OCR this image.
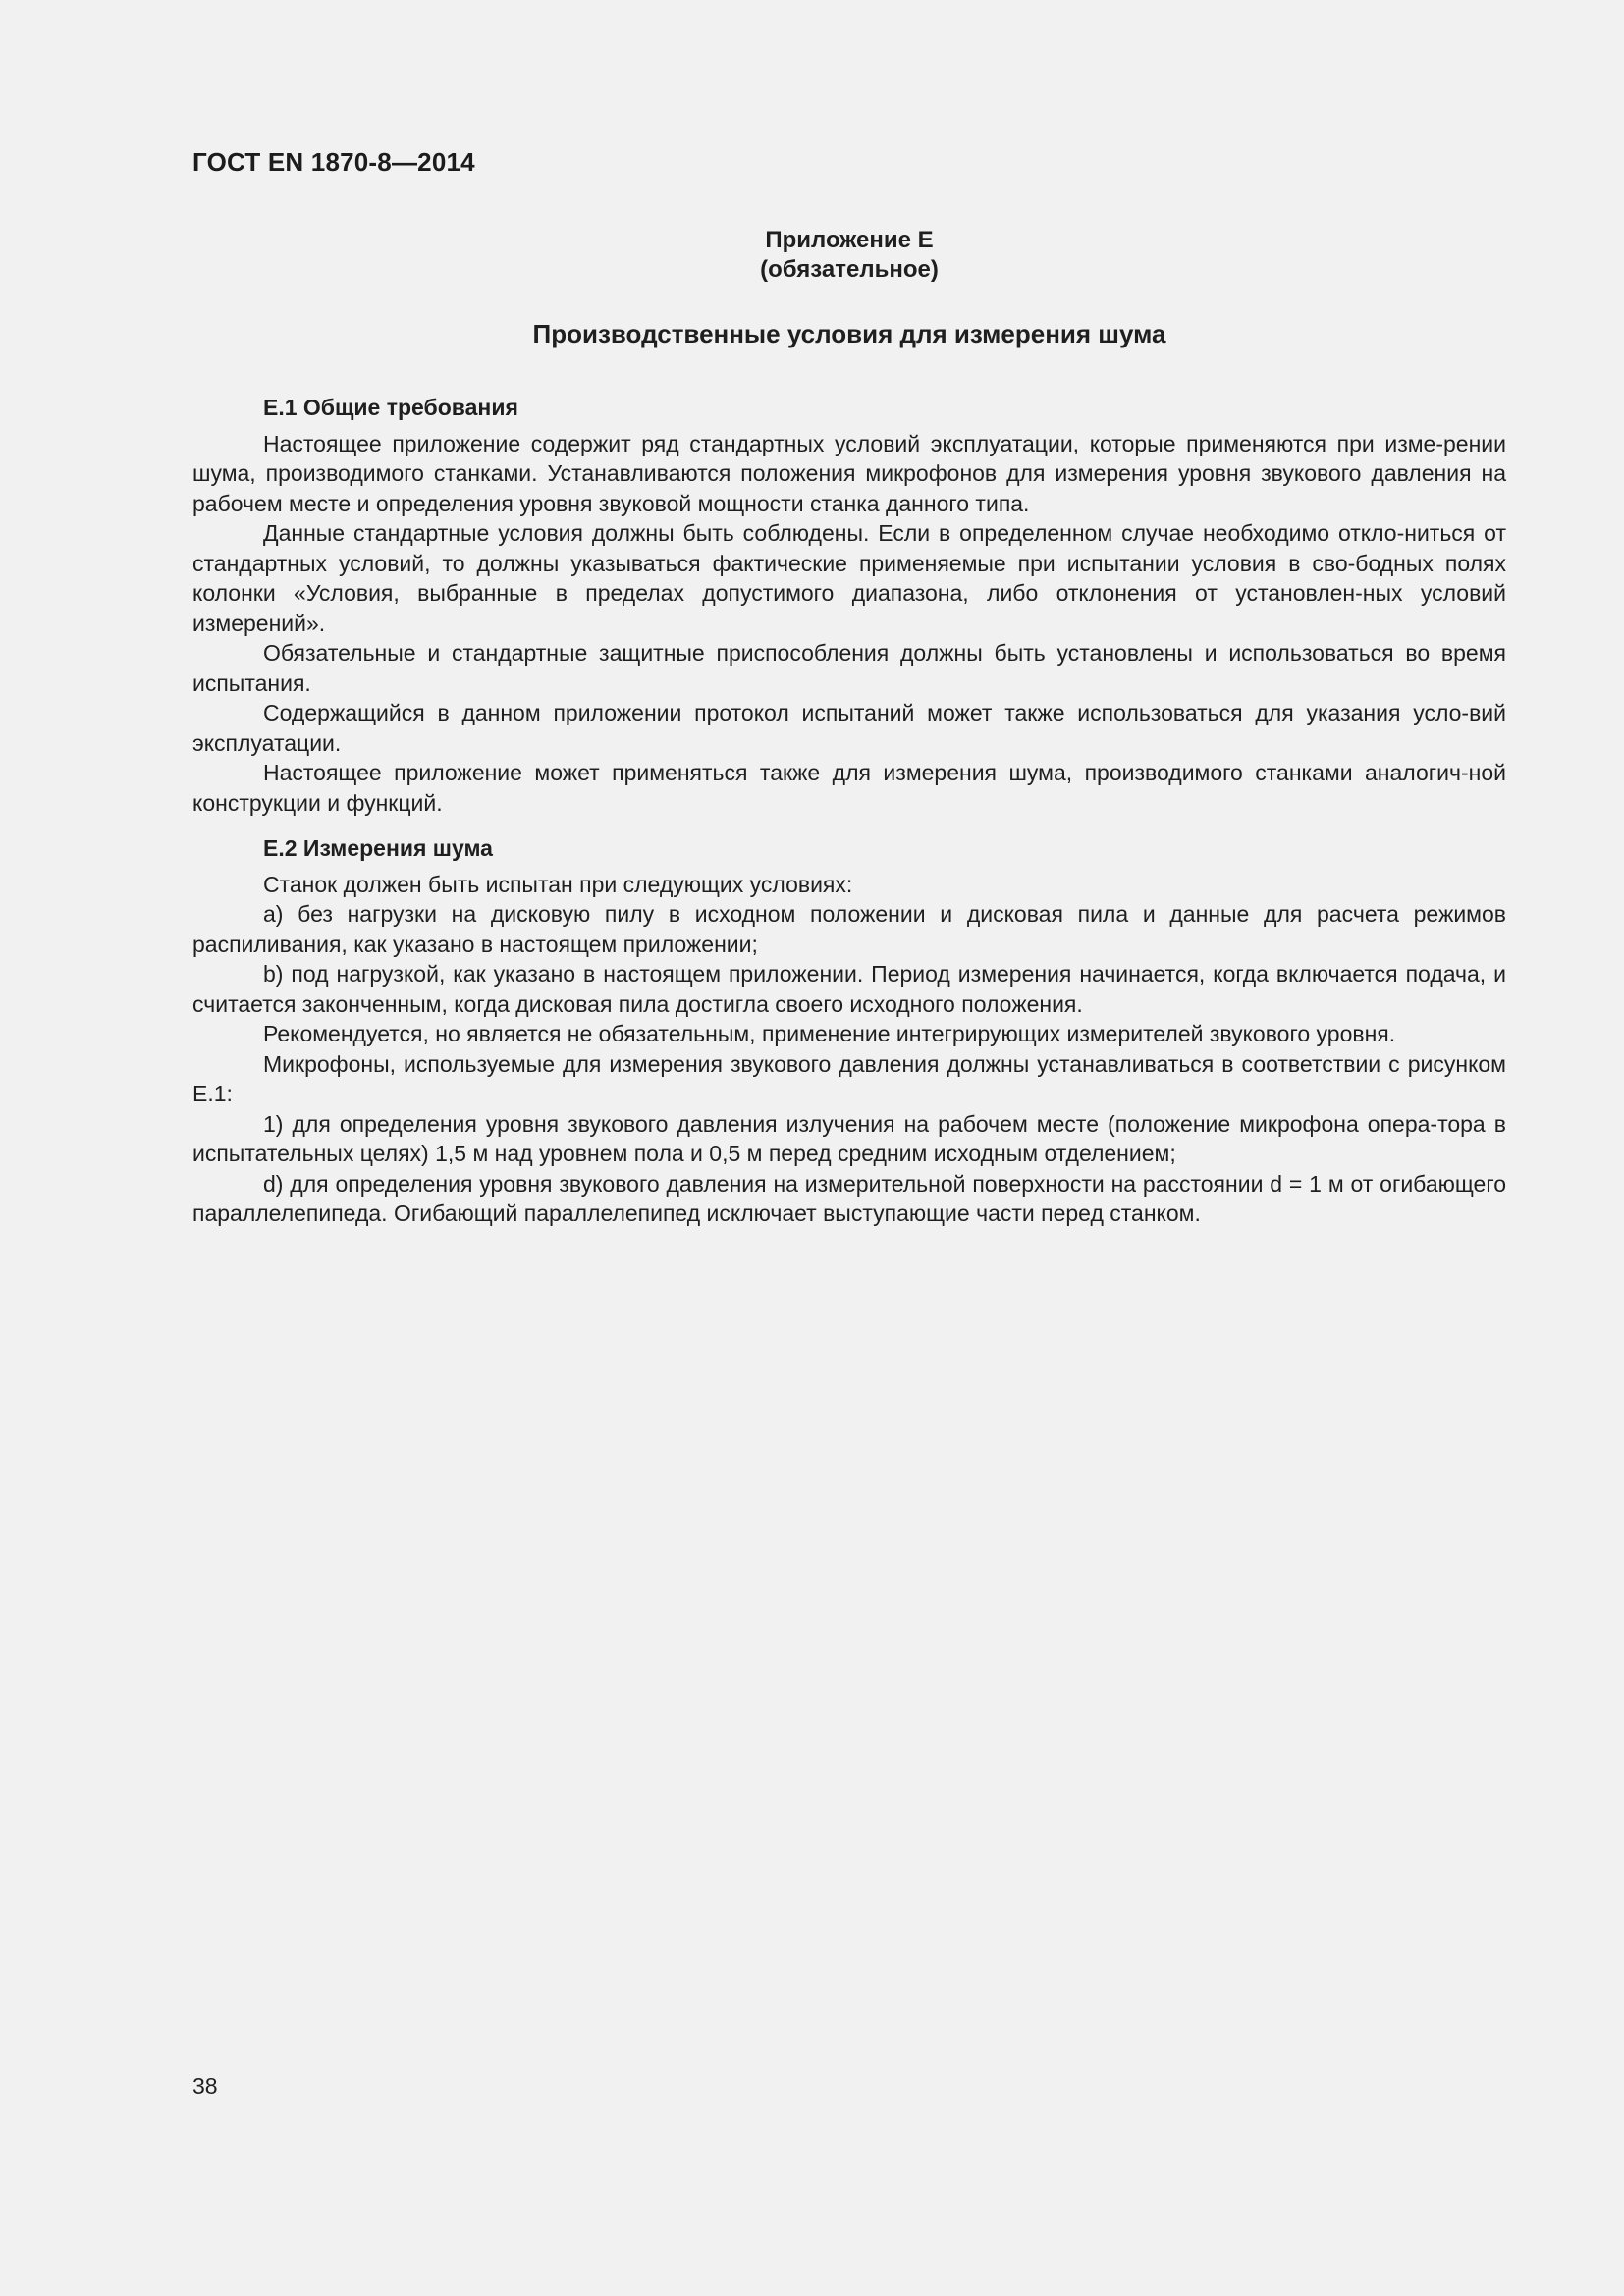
ГОСТ EN 1870-8—2014
Приложение E
(обязательное)
Производственные условия для измерения шума
E.1 Общие требования

Настоящее приложение содержит ряд стандартных условий эксплуатации, которые применяются при изме-рении шума, производимого станками. Устанавливаются положения микрофонов для измерения уровня звукового давления на рабочем месте и определения уровня звуковой мощности станка данного типа.

Данные стандартные условия должны быть соблюдены. Если в определенном случае необходимо откло-ниться от стандартных условий, то должны указываться фактические применяемые при испытании условия в сво-бодных полях колонки «Условия, выбранные в пределах допустимого диапазона, либо отклонения от установлен-ных условий измерений».

Обязательные и стандартные защитные приспособления должны быть установлены и использоваться во время испытания.

Содержащийся в данном приложении протокол испытаний может также использоваться для указания усло-вий эксплуатации.

Настоящее приложение может применяться также для измерения шума, производимого станками аналогич-ной конструкции и функций.

E.2 Измерения шума

Станок должен быть испытан при следующих условиях:

a) без нагрузки на дисковую пилу в исходном положении и дисковая пила и данные для расчета режимов распиливания, как указано в настоящем приложении;

b) под нагрузкой, как указано в настоящем приложении. Период измерения начинается, когда включается подача, и считается законченным, когда дисковая пила достигла своего исходного положения.

Рекомендуется, но является не обязательным, применение интегрирующих измерителей звукового уровня.

Микрофоны, используемые для измерения звукового давления должны устанавливаться в соответствии с рисунком E.1:

1) для определения уровня звукового давления излучения на рабочем месте (положение микрофона опера-тора в испытательных целях) 1,5 м над уровнем пола и 0,5 м перед средним исходным отделением;

d) для определения уровня звукового давления на измерительной поверхности на расстоянии d = 1 м от огибающего параллелепипеда. Огибающий параллелепипед исключает выступающие части перед станком.

38
